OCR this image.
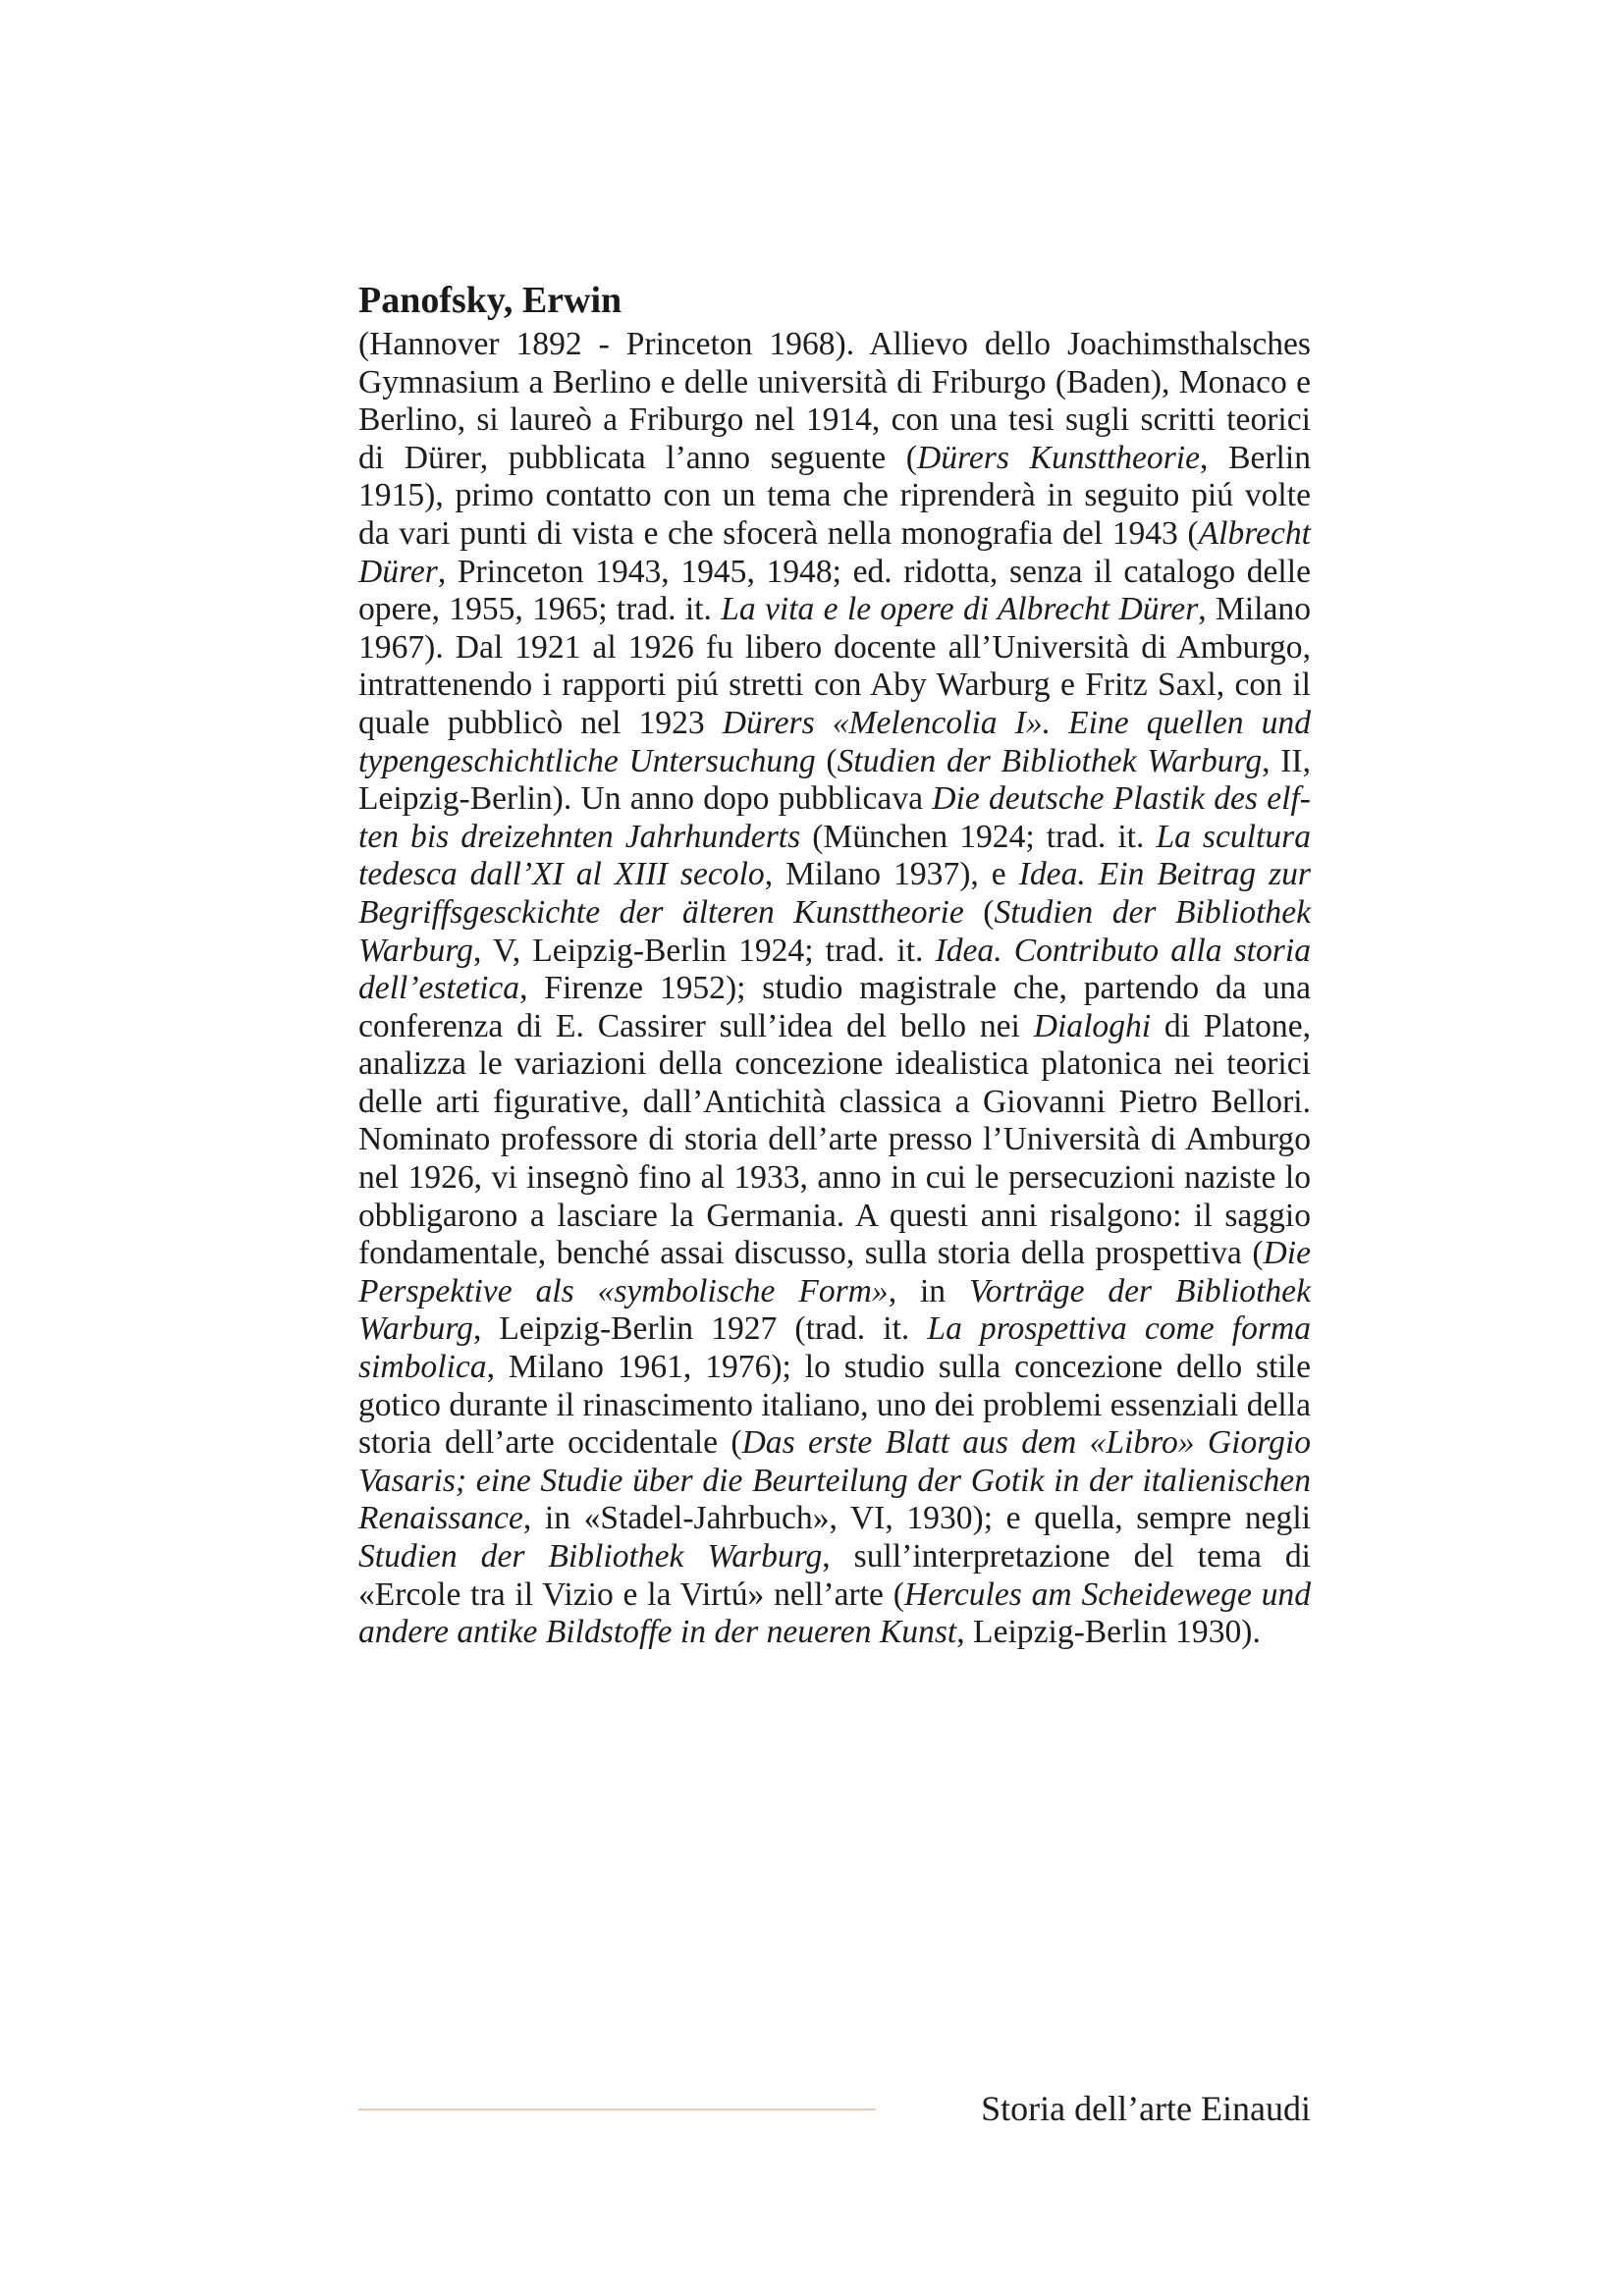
Panofsky, Erwin

(Hannover 1892 - Princeton 1968). Allievo dello Joachimsthalsches Gymnasium a Berlino e delle università di Friburgo (Baden), Monaco e Berlino, si laureò a Friburgo nel 1914, con una tesi sugli scritti teorici di Dürer, pubblicata l’anno seguente (Dürers Kunsttheorie, Berlin 1915), primo contatto con un tema che riprenderà in seguito piú volte da vari punti di vista e che sfocerà nella monografia del 1943 (Albrecht Dürer, Princeton 1943, 1945, 1948; ed. ridotta, senza il catalogo delle opere, 1955, 1965; trad. it. La vita e le opere di Albrecht Dürer, Milano 1967). Dal 1921 al 1926 fu libero docente all’Università di Amburgo, intrattenendo i rapporti piú stretti con Aby Warburg e Fritz Saxl, con il quale pubblicò nel 1923 Dürers «Melencolia I». Eine quellen und typengeschichtliche Untersuchung (Studien der Bibliothek Warburg, II, Leipzig-Berlin). Un anno dopo pubblicava Die deutsche Plastik des elften bis dreizehnten Jahrhunderts (München 1924; trad. it. La scultura tedesca dall’XI al XIII secolo, Milano 1937), e Idea. Ein Beitrag zur Begriffsgesckichte der älteren Kunsttheorie (Studien der Bibliothek Warburg, V, Leipzig-Berlin 1924; trad. it. Idea. Contributo alla storia dell’estetica, Firenze 1952); studio magistrale che, partendo da una conferenza di E. Cassirer sull’idea del bello nei Dialoghi di Platone, analizza le variazioni della concezione idealistica platonica nei teorici delle arti figurative, dall’Antichità classica a Giovanni Pietro Bellori. Nominato professore di storia dell’arte presso l’Università di Amburgo nel 1926, vi insegnò fino al 1933, anno in cui le persecuzioni naziste lo obbligarono a lasciare la Germania. A questi anni risalgono: il saggio fondamentale, benché assai discusso, sulla storia della prospettiva (Die Perspektive als «symbolische Form», in Vorträge der Bibliothek Warburg, Leipzig-Berlin 1927 (trad. it. La prospettiva come forma simbolica, Milano 1961, 1976); lo studio sulla concezione dello stile gotico durante il rinascimento italiano, uno dei problemi essenziali della storia dell’arte occidentale (Das erste Blatt aus dem «Libro» Giorgio Vasaris; eine Studie über die Beurteilung der Gotik in der italienischen Renaissance, in «Stadel-Jahrbuch», VI, 1930); e quella, sempre negli Studien der Bibliothek Warburg, sull’interpretazione del tema di «Ercole tra il Vizio e la Virtú» nell’arte (Hercules am Scheidewege und andere antike Bildstoffe in der neueren Kunst, Leipzig-Berlin 1930).

Storia dell’arte Einaudi
